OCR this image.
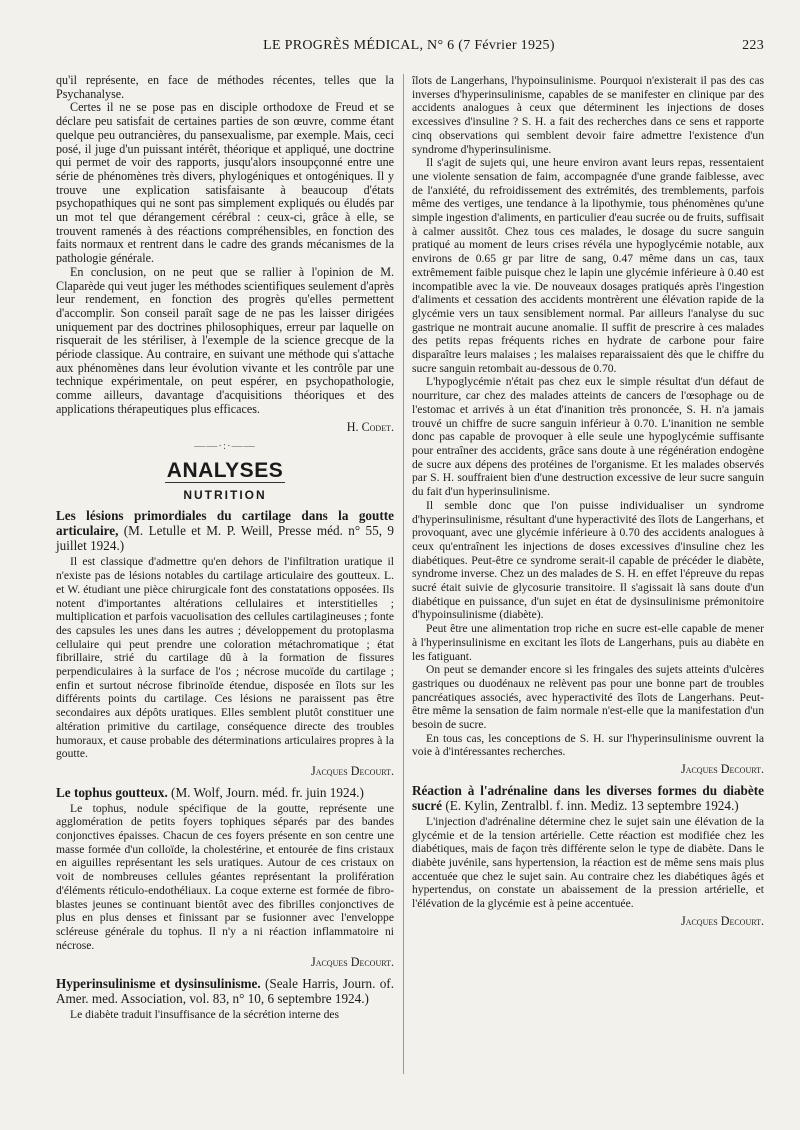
LE PROGRÈS MÉDICAL, N° 6 (7 Février 1925)	223

qu'il représente, en face de méthodes récentes, telles que la Psychanalyse.

Certes il ne se pose pas en disciple orthodoxe de Freud et se déclare peu satisfait de certaines parties de son œuvre, comme étant quelque peu outrancières, du pansexualisme, par exemple. Mais, ceci posé, il juge d'un puissant intérêt, théorique et appliqué, une doctrine qui permet de voir des rapports, jusqu'alors insoupçonné entre une série de phénomènes très divers, phylogéniques et ontogéniques. Il y trouve une explication satisfaisante à beaucoup d'états psychopathiques qui ne sont pas simplement expliqués ou éludés par un mot tel que dérangement cérébral : ceux-ci, grâce à elle, se trouvent ramenés à des réactions compréhensibles, en fonction des faits normaux et rentrent dans le cadre des grands mécanismes de la pathologie générale.

En conclusion, on ne peut que se rallier à l'opinion de M. Claparède qui veut juger les méthodes scientifiques seulement d'après leur rendement, en fonction des progrès qu'elles permettent d'accomplir. Son conseil paraît sage de ne pas les laisser dirigées uniquement par des doctrines philosophiques, erreur par laquelle on risquerait de les stériliser, à l'exemple de la science grecque de la période classique. Au contraire, en suivant une méthode qui s'attache aux phénomènes dans leur évolution vivante et les contrôle par une technique expérimentale, on peut espérer, en psychopathologie, comme ailleurs, davantage d'acquisitions théoriques et des applications thérapeutiques plus efficaces.

H. Codet.
——·:·——
ANALYSES
NUTRITION

Les lésions primordiales du cartilage dans la goutte articulaire, (M. Letulle et M. P. Weill, Presse méd. n° 55, 9 juillet 1924.)

Il est classique d'admettre qu'en dehors de l'infiltration uratique il n'existe pas de lésions notables du cartilage articulaire des goutteux. L. et W. étudiant une pièce chirurgicale font des constatations opposées. Ils notent d'importantes altérations cellulaires et interstitielles ; multiplication et parfois vacuolisation des cellules cartilagineuses ; fonte des capsules les unes dans les autres ; développement du protoplasma cellulaire qui peut prendre une coloration métachromatique ; état fibrillaire, strié du cartilage dû à la formation de fissures perpendiculaires à la surface de l'os ; nécrose mucoïde du cartilage ; enfin et surtout nécrose fibrinoïde étendue, disposée en îlots sur les différents points du cartilage. Ces lésions ne paraissent pas être secondaires aux dépôts uratiques. Elles semblent plutôt constituer une altération primitive du cartilage, conséquence directe des troubles humoraux, et cause probable des déterminations articulaires propres à la goutte.

Jacques Decourt.

Le tophus goutteux. (M. Wolf, Journ. méd. fr. juin 1924.)

Le tophus, nodule spécifique de la goutte, représente une agglomération de petits foyers tophiques séparés par des bandes conjonctives épaisses. Chacun de ces foyers présente en son centre une masse formée d'un colloïde, la cholestérine, et entourée de fins cristaux en aiguilles représentant les sels uratiques. Autour de ces cristaux on voit de nombreuses cellules géantes représentant la prolifération d'éléments réticulo-endothéliaux. La coque externe est formée de fibro-blastes jeunes se continuant bientôt avec des fibrilles conjonctives de plus en plus denses et finissant par se fusionner avec l'enveloppe scléreuse générale du tophus. Il n'y a ni réaction inflammatoire ni nécrose.

Jacques Decourt.

Hyperinsulinisme et dysinsulinisme. (Seale Harris, Journ. of. Amer. med. Association, vol. 83, n° 10, 6 septembre 1924.)

Le diabète traduit l'insuffisance de la sécrétion interne des

îlots de Langerhans, l'hypoinsulinisme. Pourquoi n'existerait il pas des cas inverses d'hyperinsulinisme, capables de se manifester en clinique par des accidents analogues à ceux que déterminent les injections de doses excessives d'insuline ? S. H. a fait des recherches dans ce sens et rapporte cinq observations qui semblent devoir faire admettre l'existence d'un syndrome d'hyperinsulinisme.

Il s'agit de sujets qui, une heure environ avant leurs repas, ressentaient une violente sensation de faim, accompagnée d'une grande faiblesse, avec de l'anxiété, du refroidissement des extrémités, des tremblements, parfois même des vertiges, une tendance à la lipothymie, tous phénomènes qu'une simple ingestion d'aliments, en particulier d'eau sucrée ou de fruits, suffisait à calmer aussitôt. Chez tous ces malades, le dosage du sucre sanguin pratiqué au moment de leurs crises révéla une hypoglycémie notable, aux environs de 0.65 gr par litre de sang, 0.47 même dans un cas, taux extrêmement faible puisque chez le lapin une glycémie inférieure à 0.40 est incompatible avec la vie. De nouveaux dosages pratiqués après l'ingestion d'aliments et cessation des accidents montrèrent une élévation rapide de la glycémie vers un taux sensiblement normal. Par ailleurs l'analyse du suc gastrique ne montrait aucune anomalie. Il suffit de prescrire à ces malades des petits repas fréquents riches en hydrate de carbone pour faire disparaître leurs malaises ; les malaises reparaissaient dès que le chiffre du sucre sanguin retombait au-dessous de 0.70.

L'hypoglycémie n'était pas chez eux le simple résultat d'un défaut de nourriture, car chez des malades atteints de cancers de l'œsophage ou de l'estomac et arrivés à un état d'inanition très prononcée, S. H. n'a jamais trouvé un chiffre de sucre sanguin inférieur à 0.70. L'inanition ne semble donc pas capable de provoquer à elle seule une hypoglycémie suffisante pour entraîner des accidents, grâce sans doute à une régénération endogène de sucre aux dépens des protéines de l'organisme. Et les malades observés par S. H. souffraient bien d'une destruction excessive de leur sucre sanguin du fait d'un hyperinsulinisme.

Il semble donc que l'on puisse individualiser un syndrome d'hyperinsulinisme, résultant d'une hyperactivité des îlots de Langerhans, et provoquant, avec une glycémie inférieure à 0.70 des accidents analogues à ceux qu'entraînent les injections de doses excessives d'insuline chez les diabétiques. Peut-être ce syndrome serait-il capable de précéder le diabète, syndrome inverse. Chez un des malades de S. H. en effet l'épreuve du repas sucré était suivie de glycosurie transitoire. Il s'agissait là sans doute d'un diabétique en puissance, d'un sujet en état de dysinsulinisme prémonitoire d'hypoinsulinisme (diabète).

Peut être une alimentation trop riche en sucre est-elle capable de mener à l'hyperinsulinisme en excitant les îlots de Langerhans, puis au diabète en les fatiguant.

On peut se demander encore si les fringales des sujets atteints d'ulcères gastriques ou duodénaux ne relèvent pas pour une bonne part de troubles pancréatiques associés, avec hyperactivité des îlots de Langerhans. Peut-être même la sensation de faim normale n'est-elle que la manifestation d'un besoin de sucre.

En tous cas, les conceptions de S. H. sur l'hyperinsulinisme ouvrent la voie à d'intéressantes recherches.

Jacques Decourt.

Réaction à l'adrénaline dans les diverses formes du diabète sucré (E. Kylin, Zentralbl. f. inn. Mediz. 13 septembre 1924.)

L'injection d'adrénaline détermine chez le sujet sain une élévation de la glycémie et de la tension artérielle. Cette réaction est modifiée chez les diabétiques, mais de façon très différente selon le type de diabète. Dans le diabète juvénile, sans hypertension, la réaction est de même sens mais plus accentuée que chez le sujet sain. Au contraire chez les diabétiques âgés et hypertendus, on constate un abaissement de la pression artérielle, et l'élévation de la glycémie est à peine accentuée.

Jacques Decourt.
